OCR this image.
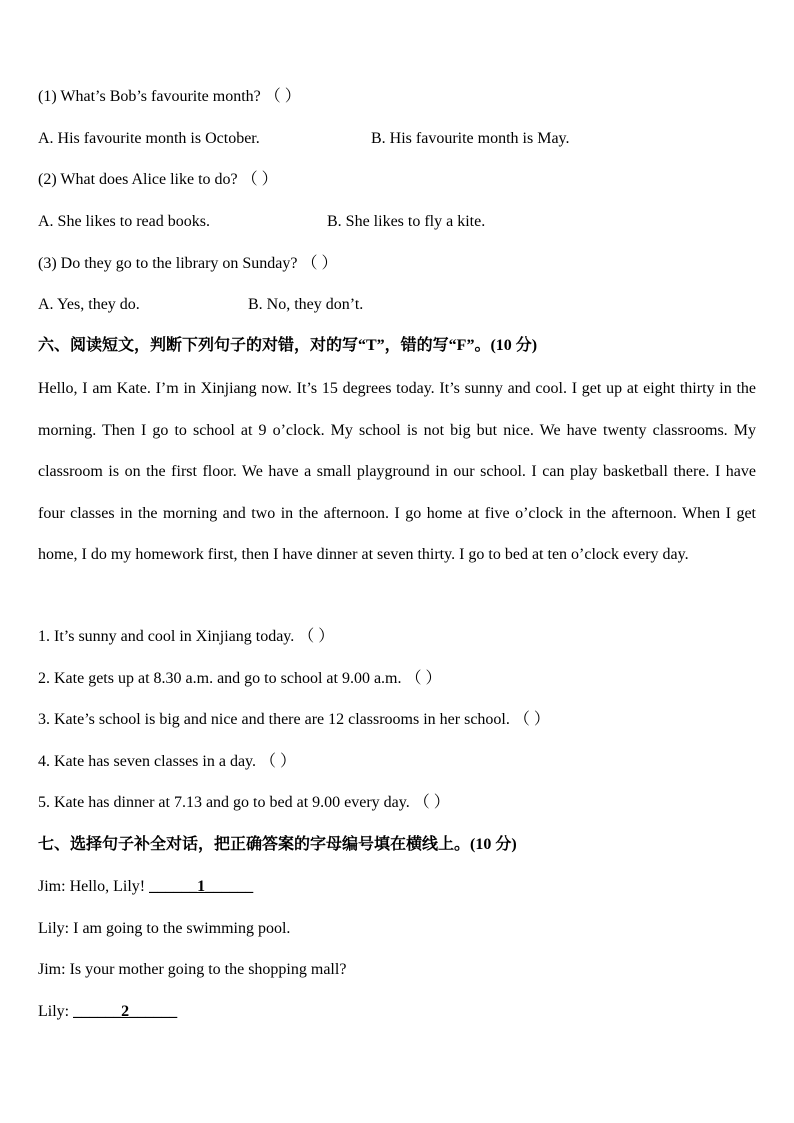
(1) What’s Bob’s favourite month? （ ）
A. His favourite month is October.	B. His favourite month is May.
(2) What does Alice like to do? （ ）
A. She likes to read books.	B. She likes to fly a kite.
(3) Do they go to the library on Sunday? （ ）
A. Yes, they do.	B. No, they don’t.
六、阅读短文，判断下列句子的对错，对的写“T”，错的写“F”。(10 分)
Hello, I am Kate. I’m in Xinjiang now. It’s 15 degrees today. It’s sunny and cool. I get up at eight thirty in the morning. Then I go to school at 9 o’clock. My school is not big but nice. We have twenty classrooms. My classroom is on the first floor. We have a small playground in our school. I can play basketball there. I have four classes in the morning and two in the afternoon. I go home at five o’clock in the afternoon. When I get home, I do my homework first, then I have dinner at seven thirty. I go to bed at ten o’clock every day.
1. It’s sunny and cool in Xinjiang today. （ ）
2. Kate gets up at 8.30 a.m. and go to school at 9.00 a.m. （ ）
3. Kate’s school is big and nice and there are 12 classrooms in her school. （ ）
4. Kate has seven classes in a day. （ ）
5. Kate has dinner at 7.13 and go to bed at 9.00 every day. （ ）
七、选择句子补全对话，把正确答案的字母编号填在横线上。(10 分)
Jim: Hello, Lily! ______1______
Lily: I am going to the swimming pool.
Jim: Is your mother going to the shopping mall?
Lily: ______2______
